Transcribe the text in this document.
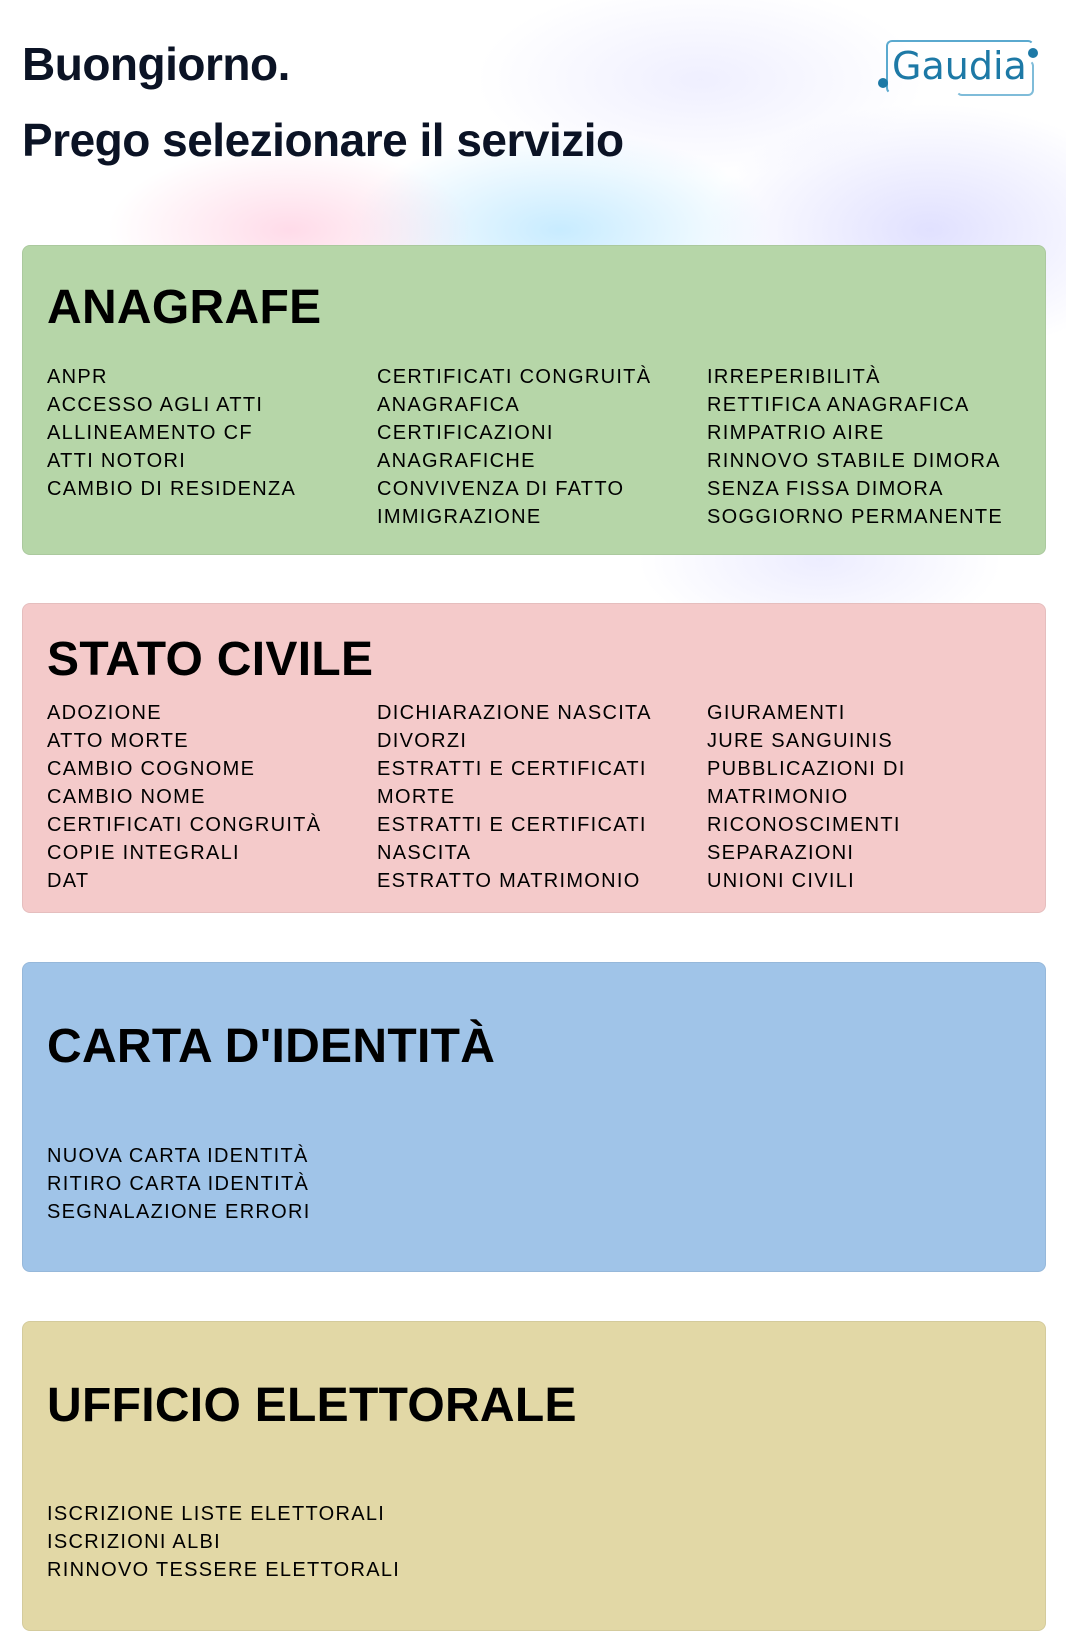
Buongiorno.
Prego selezionare il servizio
Gaudia
ANAGRAFE
ANPR
ACCESSO AGLI ATTI
ALLINEAMENTO CF
ATTI NOTORI
CAMBIO DI RESIDENZA
CERTIFICATI CONGRUITÀ
ANAGRAFICA
CERTIFICAZIONI
ANAGRAFICHE
CONVIVENZA DI FATTO
IMMIGRAZIONE
IRREPERIBILITÀ
RETTIFICA ANAGRAFICA
RIMPATRIO AIRE
RINNOVO STABILE DIMORA
SENZA FISSA DIMORA
SOGGIORNO PERMANENTE
STATO CIVILE
ADOZIONE
ATTO MORTE
CAMBIO COGNOME
CAMBIO NOME
CERTIFICATI CONGRUITÀ
COPIE INTEGRALI
DAT
DICHIARAZIONE NASCITA
DIVORZI
ESTRATTI E CERTIFICATI
MORTE
ESTRATTI E CERTIFICATI
NASCITA
ESTRATTO MATRIMONIO
GIURAMENTI
JURE SANGUINIS
PUBBLICAZIONI DI
MATRIMONIO
RICONOSCIMENTI
SEPARAZIONI
UNIONI CIVILI
CARTA D'IDENTITÀ
NUOVA CARTA IDENTITÀ
RITIRO CARTA IDENTITÀ
SEGNALAZIONE ERRORI
UFFICIO ELETTORALE
ISCRIZIONE LISTE ELETTORALI
ISCRIZIONI ALBI
RINNOVO TESSERE ELETTORALI
